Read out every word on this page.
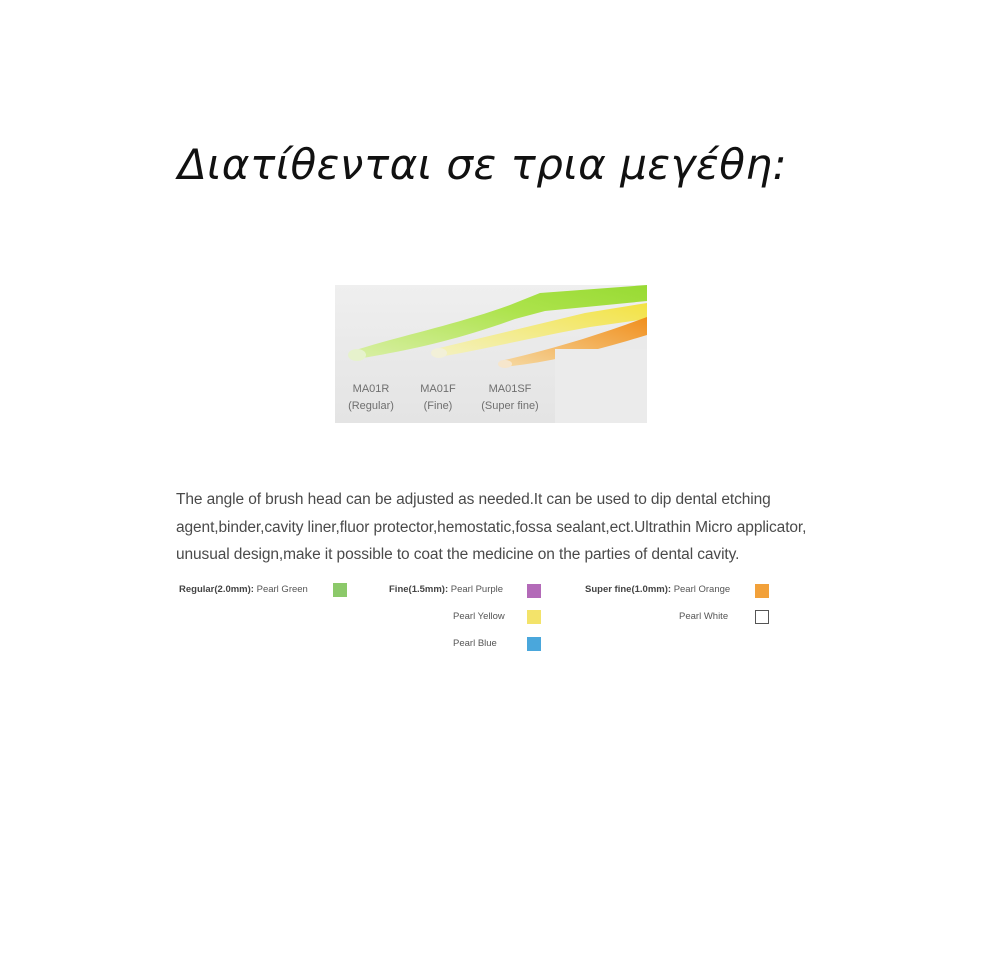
Διατίθενται σε τρια μεγέθη:
MA01R
(Regular)
MA01F
(Fine)
MA01SF
(Super fine)
The angle of brush head can be adjusted as needed.It can be used to dip dental etching
agent,binder,cavity liner,fluor protector,hemostatic,fossa sealant,ect.Ultrathin Micro applicator,
unusual design,make it possible to coat the medicine on the parties of dental cavity.
Regular(2.0mm): Pearl Green	Fine(1.5mm): Pearl Purple
Pearl Yellow
Pearl Blue
Super fine(1.0mm): Pearl Orange
Pearl White
